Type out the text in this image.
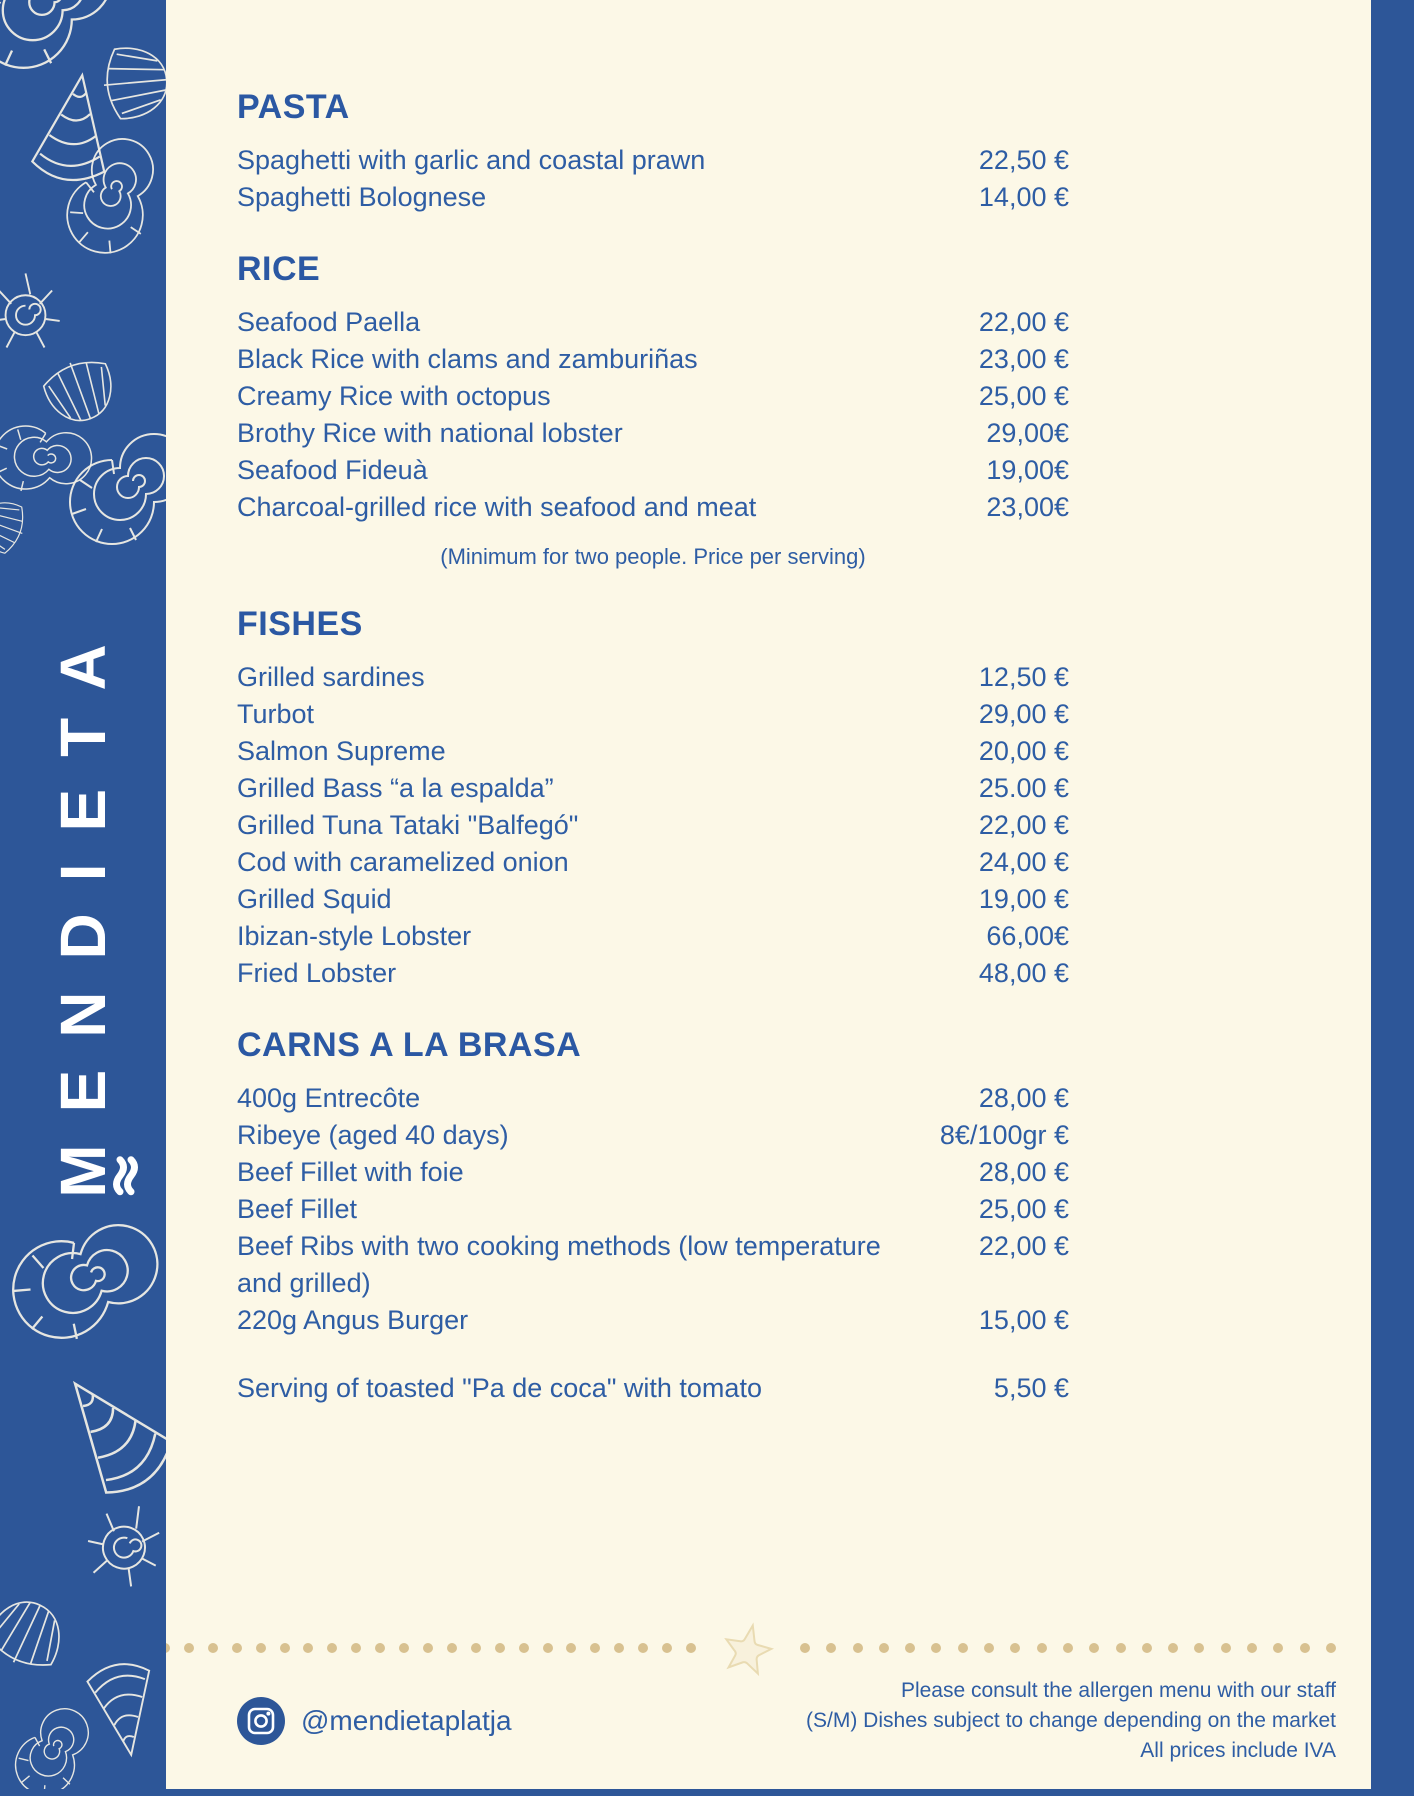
MENDIETA
PASTA
Spaghetti with garlic and coastal prawn	22,50 €
Spaghetti Bolognese	14,00 €
RICE
Seafood Paella	22,00 €
Black Rice with clams and zamburiñas	23,00 €
Creamy Rice with octopus	25,00 €
Brothy Rice with national lobster	29,00€
Seafood Fideuà	19,00€
Charcoal-grilled rice with seafood and meat	23,00€
(Minimum for two people. Price per serving)
FISHES
Grilled sardines	12,50 €
Turbot	29,00 €
Salmon Supreme	20,00 €
Grilled Bass “a la espalda”	25.00 €
Grilled Tuna Tataki "Balfegó"	22,00 €
Cod with caramelized onion	24,00 €
Grilled Squid	19,00 €
Ibizan-style Lobster	66,00€
Fried Lobster	48,00 €
CARNS A LA BRASA
400g Entrecôte	28,00 €
Ribeye (aged 40 days)	8€/100gr €
Beef Fillet with foie	28,00 €
Beef Fillet	25,00 €
Beef Ribs with two cooking methods (low temperature and grilled)
22,00 €
220g Angus Burger	15,00 €
Serving of toasted "Pa de coca" with tomato	5,50 €
@mendietaplatja
Please consult the allergen menu with our staff
(S/M) Dishes subject to change depending on the market
All prices include IVA
